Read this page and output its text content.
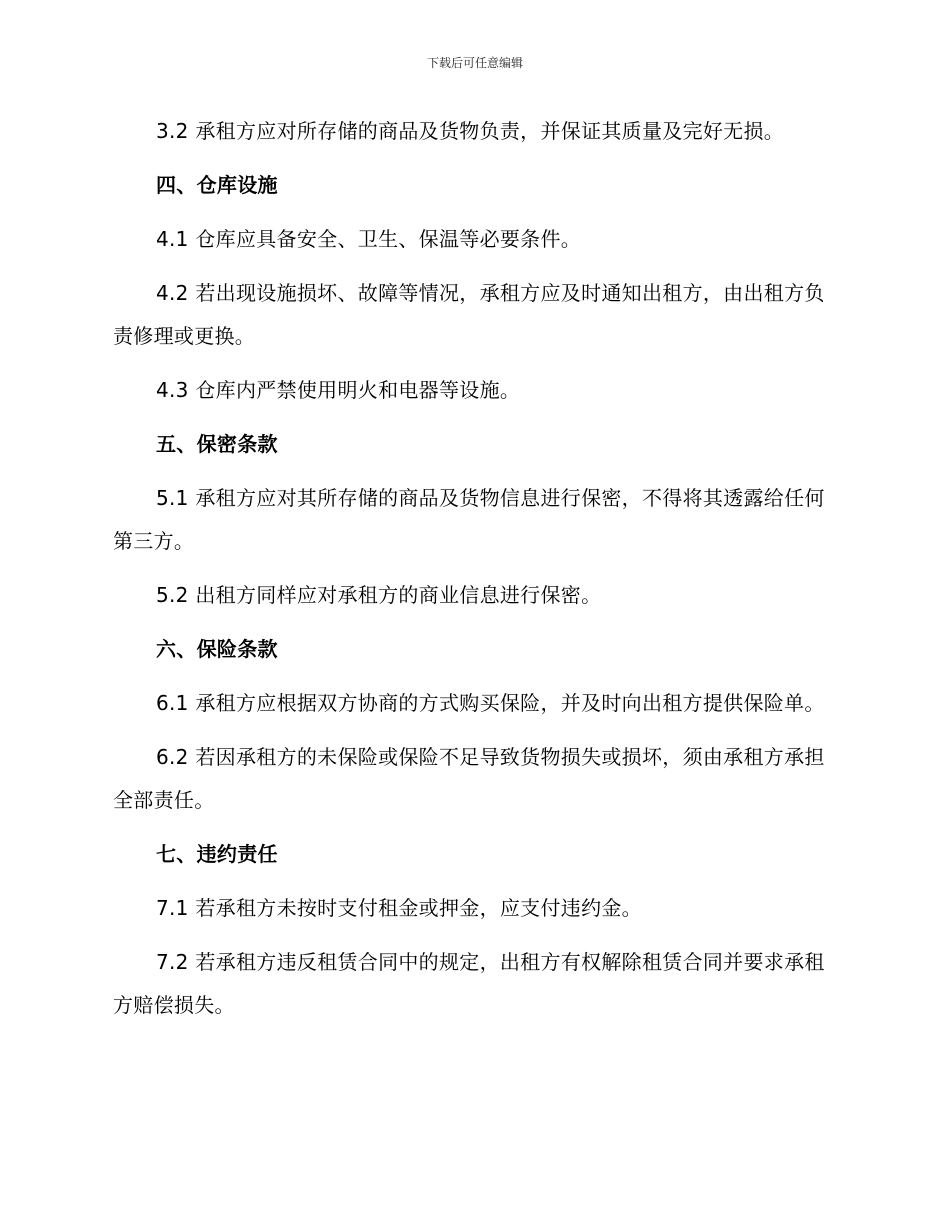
下载后可任意编辑

3.2 承租方应对所存储的商品及货物负责，并保证其质量及完好无损。

四、仓库设施

4.1 仓库应具备安全、卫生、保温等必要条件。

4.2 若出现设施损坏、故障等情况，承租方应及时通知出租方，由出租方负责修理或更换。

4.3 仓库内严禁使用明火和电器等设施。

五、保密条款

5.1 承租方应对其所存储的商品及货物信息进行保密，不得将其透露给任何第三方。

5.2 出租方同样应对承租方的商业信息进行保密。

六、保险条款

6.1 承租方应根据双方协商的方式购买保险，并及时向出租方提供保险单。

6.2 若因承租方的未保险或保险不足导致货物损失或损坏，须由承租方承担全部责任。

七、违约责任

7.1 若承租方未按时支付租金或押金，应支付违约金。

7.2 若承租方违反租赁合同中的规定，出租方有权解除租赁合同并要求承租方赔偿损失。
